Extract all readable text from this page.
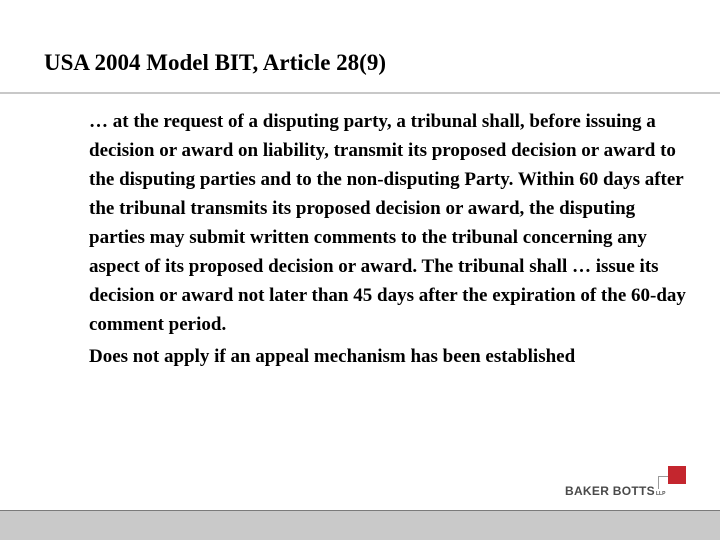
USA 2004 Model BIT, Article 28(9)

… at the request of a disputing party, a tribunal shall, before issuing a decision or award on liability, transmit its proposed decision or award to the disputing parties and to the non-disputing Party. Within 60 days after the tribunal transmits its proposed decision or award, the disputing parties may submit written comments to the tribunal concerning any aspect of its proposed decision or award. The tribunal shall … issue its decision or award not later than 45 days after the expiration of the 60-day comment period.

Does not apply if an appeal mechanism has been established

BAKER BOTTSLLP
